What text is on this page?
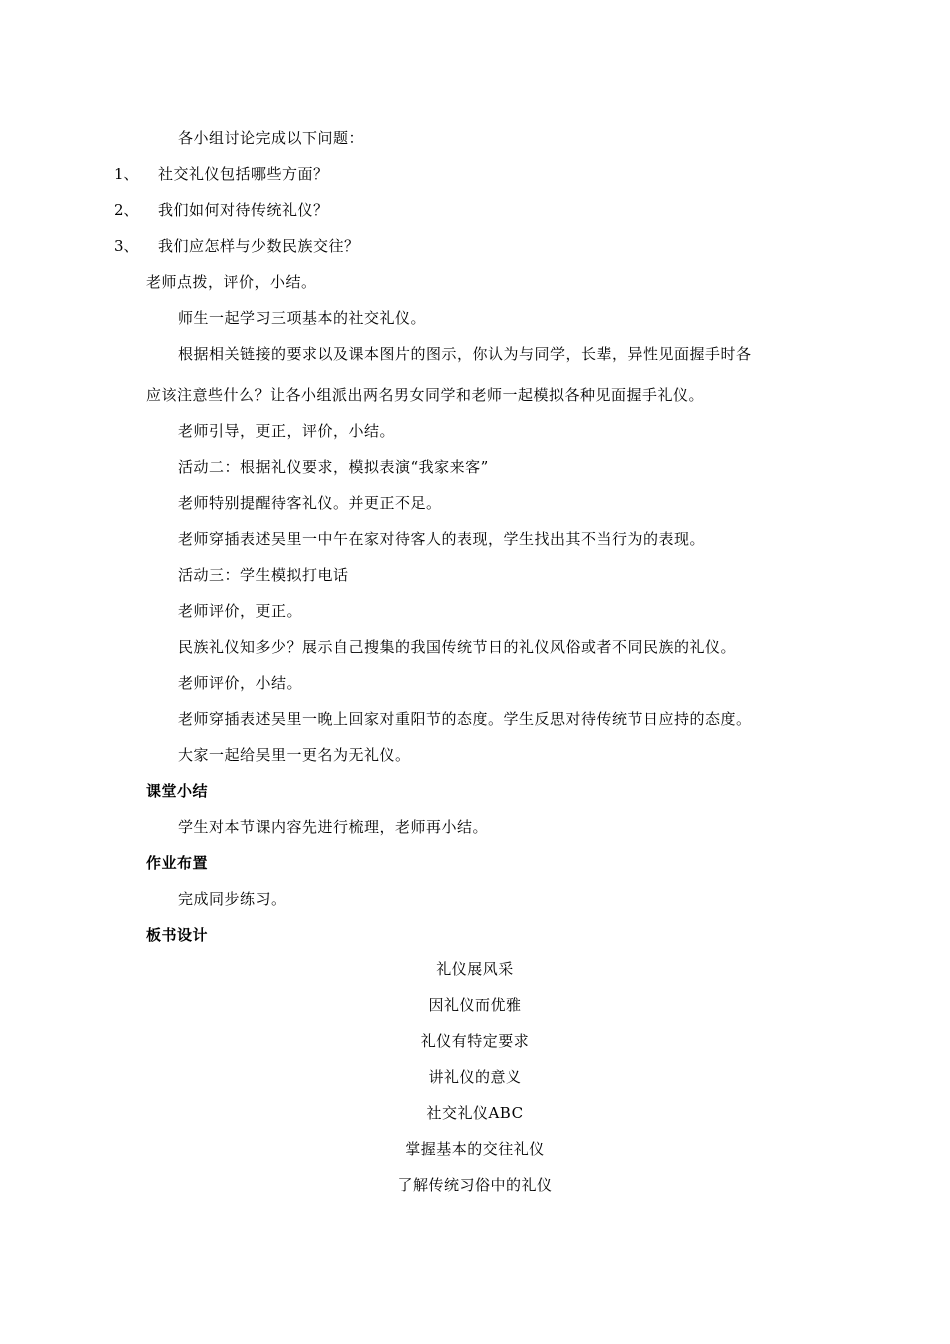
各小组讨论完成以下问题：
1、 社交礼仪包括哪些方面？
2、 我们如何对待传统礼仪？
3、 我们应怎样与少数民族交往？
老师点拨，评价，小结。
师生一起学习三项基本的社交礼仪。
根据相关链接的要求以及课本图片的图示，你认为与同学，长辈，异性见面握手时各
应该注意些什么？让各小组派出两名男女同学和老师一起模拟各种见面握手礼仪。
老师引导，更正，评价，小结。
活动二：根据礼仪要求，模拟表演“我家来客”
老师特别提醒待客礼仪。并更正不足。
老师穿插表述吴里一中午在家对待客人的表现，学生找出其不当行为的表现。
活动三：学生模拟打电话
老师评价，更正。
民族礼仪知多少？展示自己搜集的我国传统节日的礼仪风俗或者不同民族的礼仪。
老师评价，小结。
老师穿插表述吴里一晚上回家对重阳节的态度。学生反思对待传统节日应持的态度。
大家一起给吴里一更名为无礼仪。
课堂小结
学生对本节课内容先进行梳理，老师再小结。
作业布置
完成同步练习。
板书设计
礼仪展风采
因礼仪而优雅
礼仪有特定要求
讲礼仪的意义
社交礼仪ABC
掌握基本的交往礼仪
了解传统习俗中的礼仪
